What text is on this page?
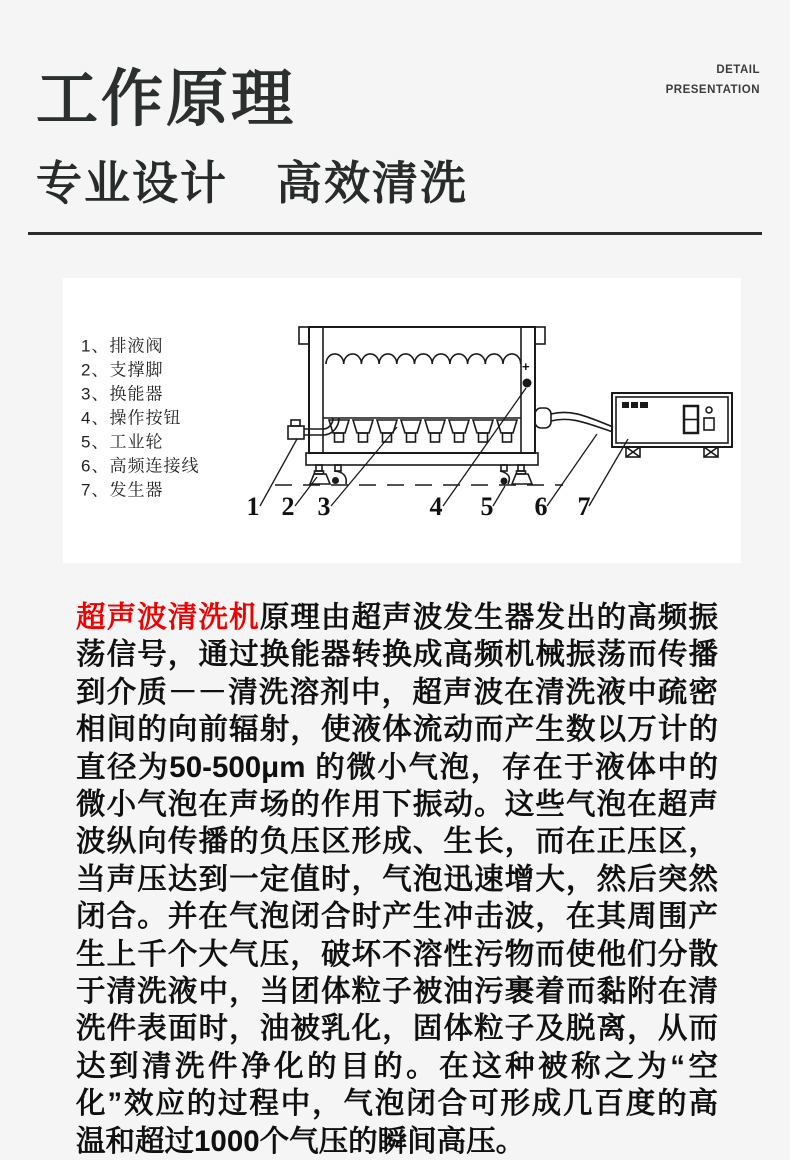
工作原理
专业设计　高效清洗
DETAIL
PRESENTATION
1、排液阀
2、支撑脚
3、换能器
4、操作按钮
5、工业轮
6、高频连接线
7、发生器
+
1 2 3	4 5 6 7
超声波清洗机原理由超声波发生器发出的高频振
荡信号，通过换能器转换成高频机械振荡而传播
到介质－－清洗溶剂中，超声波在清洗液中疏密
相间的向前辐射，使液体流动而产生数以万计的
直径为50-500μm 的微小气泡，存在于液体中的
微小气泡在声场的作用下振动。这些气泡在超声
波纵向传播的负压区形成、生长，而在正压区，
当声压达到一定值时，气泡迅速增大，然后突然
闭合。并在气泡闭合时产生冲击波，在其周围产
生上千个大气压，破坏不溶性污物而使他们分散
于清洗液中，当团体粒子被油污裹着而黏附在清
洗件表面时，油被乳化，固体粒子及脱离，从而
达到清洗件净化的目的。在这种被称之为“空
化”效应的过程中，气泡闭合可形成几百度的高
温和超过1000个气压的瞬间高压。
